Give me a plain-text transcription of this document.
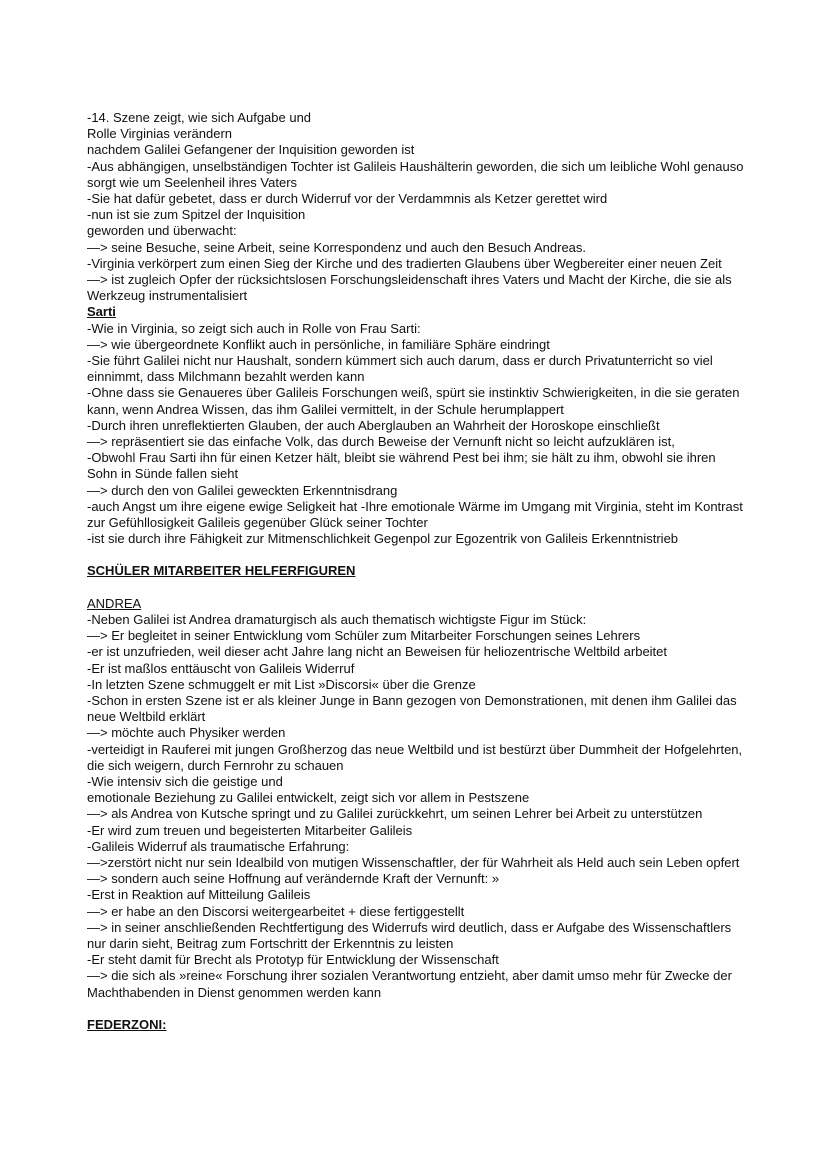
-14. Szene zeigt, wie sich Aufgabe und
Rolle Virginias verändern
nachdem Galilei Gefangener der Inquisition geworden ist
-Aus abhängigen, unselbständigen Tochter ist Galileis Haushälterin geworden, die sich um leibliche Wohl genauso sorgt wie um Seelenheil ihres Vaters
-Sie hat dafür gebetet, dass er durch Widerruf vor der Verdammnis als Ketzer gerettet wird
-nun ist sie zum Spitzel der Inquisition
geworden und überwacht:
—> seine Besuche, seine Arbeit, seine Korrespondenz und auch den Besuch Andreas.
-Virginia verkörpert zum einen Sieg der Kirche und des tradierten Glaubens über Wegbereiter einer neuen Zeit
—> ist zugleich Opfer der rücksichtslosen Forschungsleidenschaft ihres Vaters und Macht der Kirche, die sie als Werkzeug instrumentalisiert
Sarti
-Wie in Virginia, so zeigt sich auch in Rolle von Frau Sarti:
—> wie übergeordnete Konflikt auch in persönliche, in familiäre Sphäre eindringt
-Sie führt Galilei nicht nur Haushalt, sondern kümmert sich auch darum, dass er durch Privatunterricht so viel einnimmt, dass Milchmann bezahlt werden kann
-Ohne dass sie Genaueres über Galileis Forschungen weiß, spürt sie instinktiv Schwierigkeiten, in die sie geraten kann, wenn Andrea Wissen, das ihm Galilei vermittelt, in der Schule herumplappert
-Durch ihren unreflektierten Glauben, der auch Aberglauben an Wahrheit der Horoskope einschließt
—> repräsentiert sie das einfache Volk, das durch Beweise der Vernunft nicht so leicht aufzuklären ist,
-Obwohl Frau Sarti ihn für einen Ketzer hält, bleibt sie während Pest bei ihm; sie hält zu ihm, obwohl sie ihren Sohn in Sünde fallen sieht
—> durch den von Galilei geweckten Erkenntnisdrang
-auch Angst um ihre eigene ewige Seligkeit hat -Ihre emotionale Wärme im Umgang mit Virginia, steht im Kontrast zur Gefühllosigkeit Galileis gegenüber Glück seiner Tochter
-ist sie durch ihre Fähigkeit zur Mitmenschlichkeit Gegenpol zur Egozentrik von Galileis Erkenntnistrieb
SCHÜLER MITARBEITER HELFERFIGUREN
ANDREA
-Neben Galilei ist Andrea dramaturgisch als auch thematisch wichtigste Figur im Stück:
—> Er begleitet in seiner Entwicklung vom Schüler zum Mitarbeiter Forschungen seines Lehrers
-er ist unzufrieden, weil dieser acht Jahre lang nicht an Beweisen für heliozentrische Weltbild arbeitet
-Er ist maßlos enttäuscht von Galileis Widerruf
-In letzten Szene schmuggelt er mit List »Discorsi« über die Grenze
-Schon in ersten Szene ist er als kleiner Junge in Bann gezogen von Demonstrationen, mit denen ihm Galilei das neue Weltbild erklärt
—> möchte auch Physiker werden
-verteidigt in Rauferei mit jungen Großherzog das neue Weltbild und ist bestürzt über Dummheit der Hofgelehrten, die sich weigern, durch Fernrohr zu schauen
-Wie intensiv sich die geistige und
emotionale Beziehung zu Galilei entwickelt, zeigt sich vor allem in Pestszene
—> als Andrea von Kutsche springt und zu Galilei zurückkehrt, um seinen Lehrer bei Arbeit zu unterstützen
-Er wird zum treuen und begeisterten Mitarbeiter Galileis
-Galileis Widerruf als traumatische Erfahrung:
—>zerstört nicht nur sein Idealbild von mutigen Wissenschaftler, der für Wahrheit als Held auch sein Leben opfert
—> sondern auch seine Hoffnung auf verändernde Kraft der Vernunft: »
-Erst in Reaktion auf Mitteilung Galileis
—> er habe an den Discorsi weitergearbeitet + diese fertiggestellt
—> in seiner anschließenden Rechtfertigung des Widerrufs wird deutlich, dass er Aufgabe des Wissenschaftlers nur darin sieht, Beitrag zum Fortschritt der Erkenntnis zu leisten
-Er steht damit für Brecht als Prototyp für Entwicklung der Wissenschaft
—> die sich als »reine« Forschung ihrer sozialen Verantwortung entzieht, aber damit umso mehr für Zwecke der Machthabenden in Dienst genommen werden kann
FEDERZONI:
